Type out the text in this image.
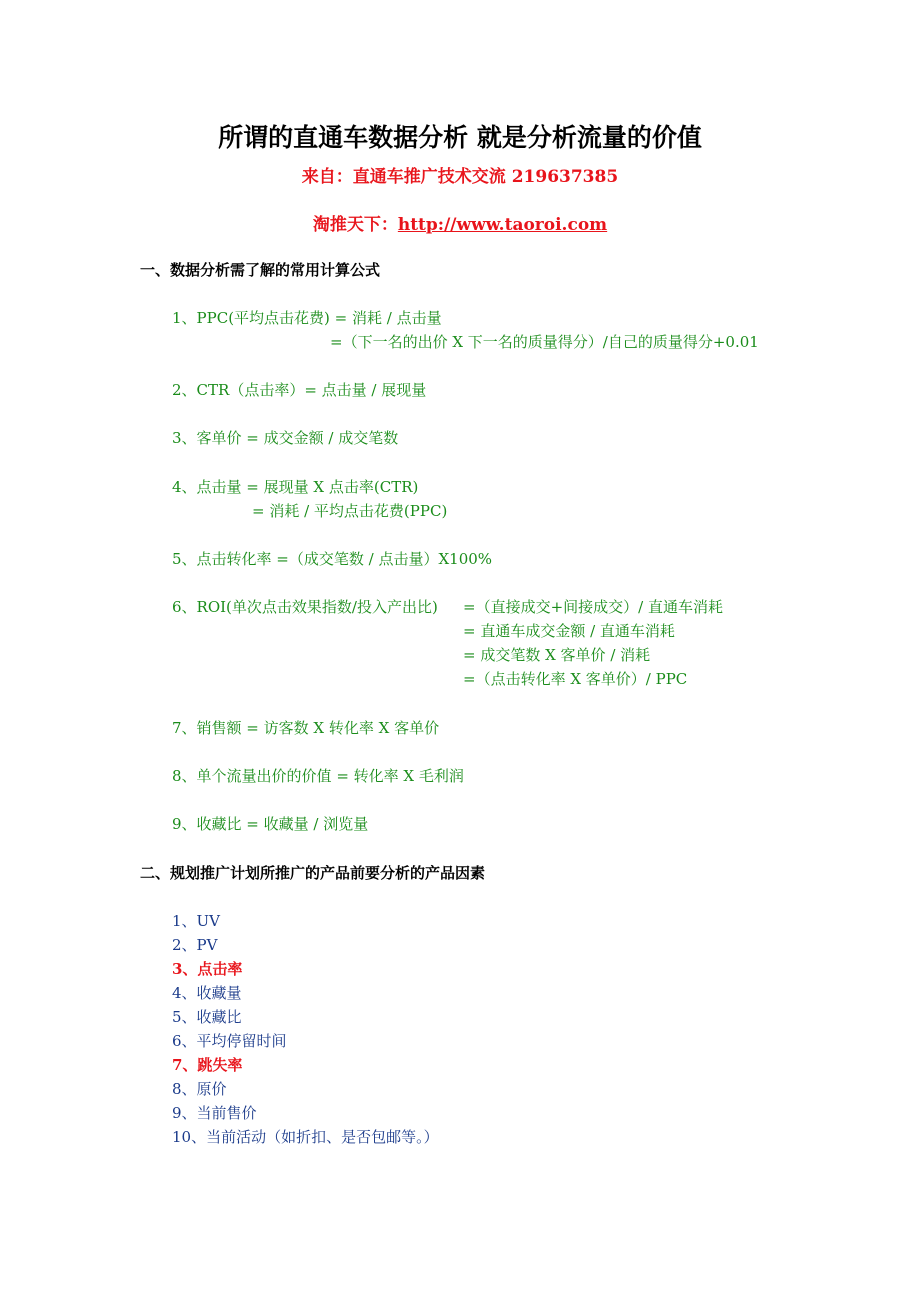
所谓的直通车数据分析 就是分析流量的价值
来自：直通车推广技术交流 219637385
淘推天下：http://www.taoroi.com
一、数据分析需了解的常用计算公式
1、PPC(平均点击花费) = 消耗 / 点击量
=（下一名的出价 X 下一名的质量得分）/自己的质量得分+0.01
2、CTR（点击率）= 点击量 / 展现量
3、客单价 = 成交金额 / 成交笔数
4、点击量 = 展现量 X 点击率(CTR)
= 消耗 / 平均点击花费(PPC)
5、点击转化率 =（成交笔数 / 点击量）X100%
6、ROI(单次点击效果指数/投入产出比) =（直接成交+间接成交）/ 直通车消耗
= 直通车成交金额 / 直通车消耗
= 成交笔数 X 客单价 / 消耗
=（点击转化率 X 客单价）/ PPC
7、销售额 = 访客数 X 转化率 X 客单价
8、单个流量出价的价值 = 转化率 X 毛利润
9、收藏比 = 收藏量 / 浏览量
二、规划推广计划所推广的产品前要分析的产品因素
1、UV
2、PV
3、点击率
4、收藏量
5、收藏比
6、平均停留时间
7、跳失率
8、原价
9、当前售价
10、当前活动（如折扣、是否包邮等。）
